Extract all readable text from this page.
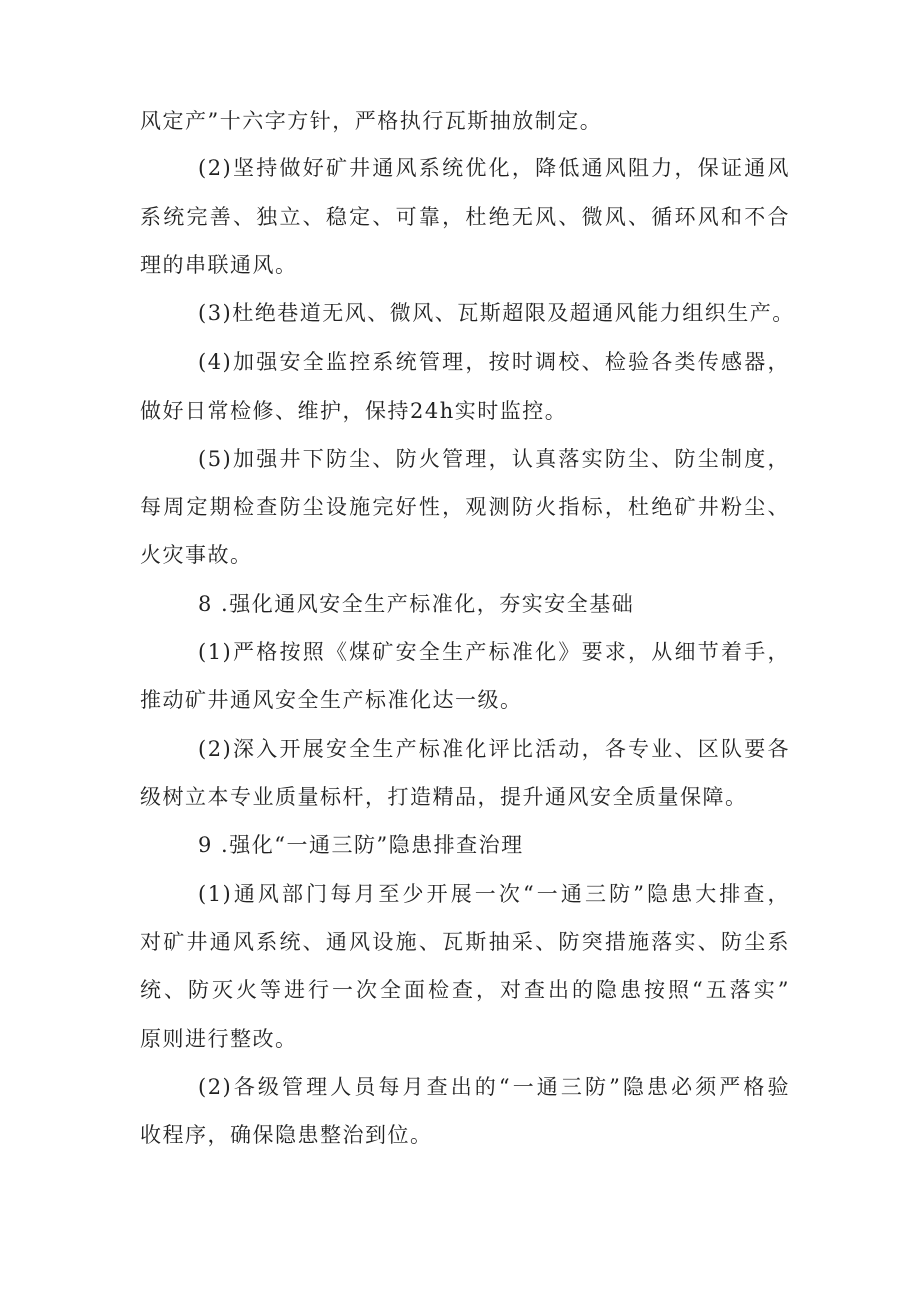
风定产”十六字方针，严格执行瓦斯抽放制定。
(2)坚持做好矿井通风系统优化，降低通风阻力，保证通风
系统完善、独立、稳定、可靠，杜绝无风、微风、循环风和不合
理的串联通风。
(3)杜绝巷道无风、微风、瓦斯超限及超通风能力组织生产。
(4)加强安全监控系统管理，按时调校、检验各类传感器，
做好日常检修、维护，保持24h实时监控。
(5)加强井下防尘、防火管理，认真落实防尘、防尘制度，
每周定期检查防尘设施完好性，观测防火指标，杜绝矿井粉尘、
火灾事故。
8 .强化通风安全生产标准化，夯实安全基础
(1)严格按照《煤矿安全生产标准化》要求，从细节着手，
推动矿井通风安全生产标准化达一级。
(2)深入开展安全生产标准化评比活动，各专业、区队要各
级树立本专业质量标杆，打造精品，提升通风安全质量保障。
9 .强化“一通三防”隐患排查治理
(1)通风部门每月至少开展一次“一通三防”隐患大排查，
对矿井通风系统、通风设施、瓦斯抽采、防突措施落实、防尘系
统、防灭火等进行一次全面检查，对查出的隐患按照“五落实”
原则进行整改。
(2)各级管理人员每月查出的“一通三防”隐患必须严格验
收程序，确保隐患整治到位。
